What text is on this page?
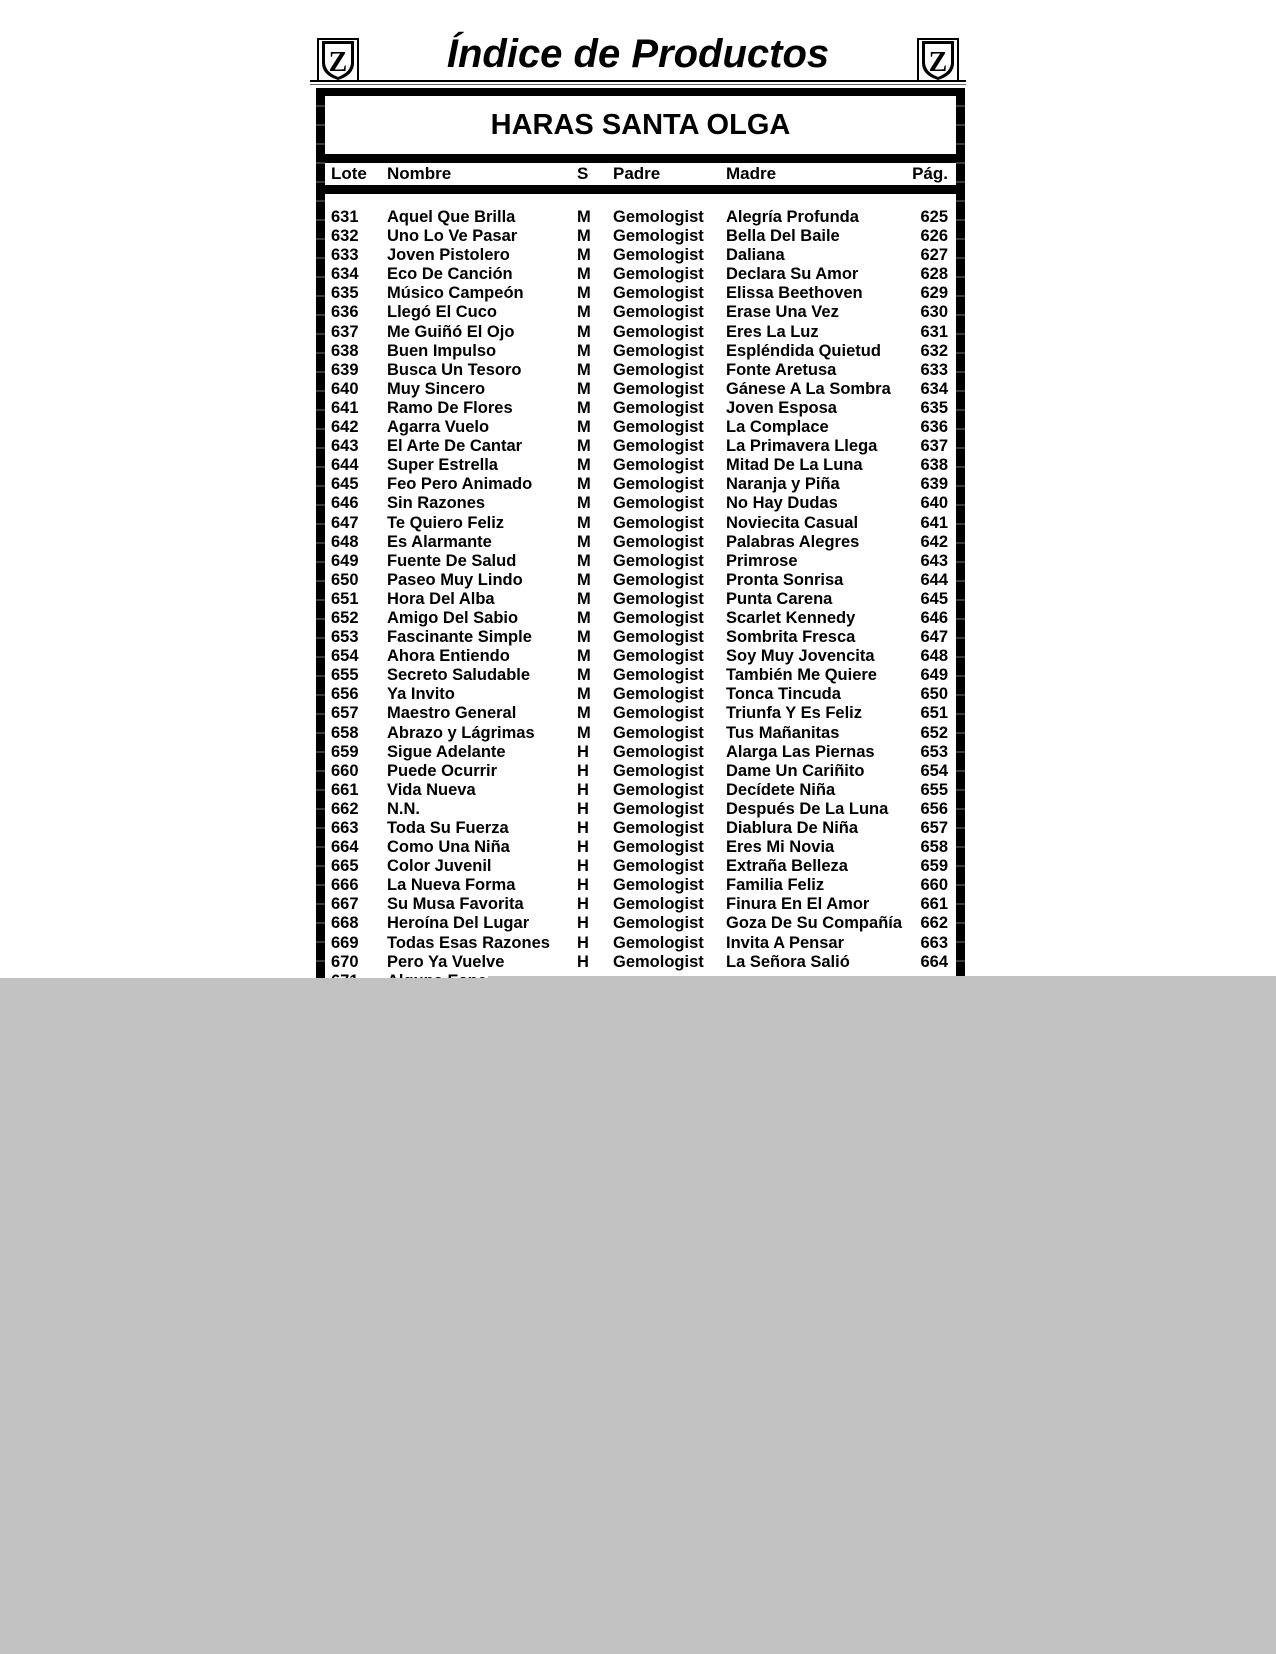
Z	Índice de Productos	Z
HARAS SANTA OLGA
Lote Nombre	S Padre	Madre	Pág.
631 Aquel Que Brilla	M Gemologist Alegría Profunda	625
632 Uno Lo Ve Pasar	M Gemologist Bella Del Baile	626
633 Joven Pistolero	M Gemologist Daliana	627
634 Eco De Canción	M Gemologist Declara Su Amor	628
635 Músico Campeón	M Gemologist Elissa Beethoven	629
636 Llegó El Cuco	M Gemologist Erase Una Vez	630
637 Me Guiñó El Ojo	M Gemologist Eres La Luz	631
638 Buen Impulso	M Gemologist Espléndida Quietud 632
639 Busca Un Tesoro	M Gemologist Fonte Aretusa	633
640 Muy Sincero	M Gemologist Gánese A La Sombra 634
641 Ramo De Flores	M Gemologist Joven Esposa	635
642 Agarra Vuelo	M Gemologist La Complace	636
643 El Arte De Cantar	M Gemologist La Primavera Llega	637
644 Super Estrella	M Gemologist Mitad De La Luna	638
645 Feo Pero Animado	M Gemologist Naranja y Piña	639
646 Sin Razones	M Gemologist No Hay Dudas	640
647 Te Quiero Feliz	M Gemologist Noviecita Casual	641
648 Es Alarmante	M Gemologist Palabras Alegres	642
649 Fuente De Salud	M Gemologist Primrose	643
650 Paseo Muy Lindo	M Gemologist Pronta Sonrisa	644
651 Hora Del Alba	M Gemologist Punta Carena	645
652 Amigo Del Sabio	M Gemologist Scarlet Kennedy	646
653 Fascinante Simple	M Gemologist Sombrita Fresca	647
654 Ahora Entiendo	M Gemologist Soy Muy Jovencita	648
655 Secreto Saludable	M Gemologist También Me Quiere	649
656 Ya Invito	M Gemologist Tonca Tincuda	650
657 Maestro General	M Gemologist Triunfa Y Es Feliz	651
658 Abrazo y Lágrimas	M Gemologist Tus Mañanitas	652
659 Sigue Adelante	H Gemologist Alarga Las Piernas	653
660 Puede Ocurrir	H Gemologist Dame Un Cariñito	654
661 Vida Nueva	H Gemologist Decídete Niña	655
662 N.N.	H Gemologist Después De La Luna 656
663 Toda Su Fuerza	H Gemologist Diablura De Niña	657
664 Como Una Niña	H Gemologist Eres Mi Novia	658
665 Color Juvenil	H Gemologist Extraña Belleza	659
666 La Nueva Forma	H Gemologist Familia Feliz	660
667 Su Musa Favorita	H Gemologist Finura En El Amor	661
668 Heroína Del Lugar	H Gemologist Goza De Su Compañía 662
669 Todas Esas Razones H Gemologist Invita A Pensar	663
670 Pero Ya Vuelve	H Gemologist La Señora Salió	664
